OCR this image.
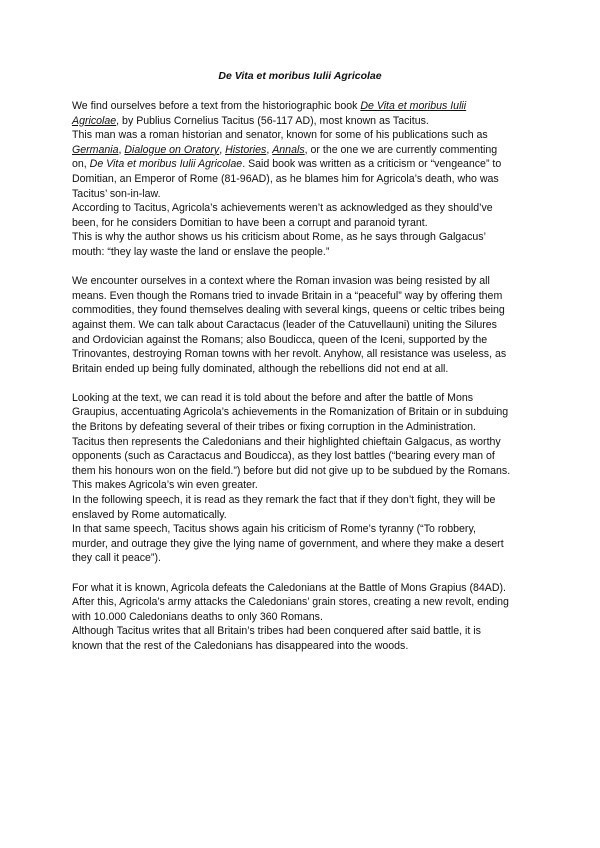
De Vita et moribus Iulii Agricolae

We find ourselves before a text from the historiographic book De Vita et moribus Iulii Agricolae, by Publius Cornelius Tacitus (56-117 AD), most known as Tacitus.

This man was a roman historian and senator, known for some of his publications such as Germania, Dialogue on Oratory, Histories, Annals, or the one we are currently commenting on, De Vita et moribus Iulii Agricolae. Said book was written as a criticism or “vengeance” to Domitian, an Emperor of Rome (81-96AD), as he blames him for Agricola’s death, who was Tacitus’ son-in-law.

According to Tacitus, Agricola’s achievements weren’t as acknowledged as they should’ve been, for he considers Domitian to have been a corrupt and paranoid tyrant.

This is why the author shows us his criticism about Rome, as he says through Galgacus’ mouth: “they lay waste the land or enslave the people.”

We encounter ourselves in a context where the Roman invasion was being resisted by all means. Even though the Romans tried to invade Britain in a “peaceful” way by offering them commodities, they found themselves dealing with several kings, queens or celtic tribes being against them. We can talk about Caractacus (leader of the Catuvellauni) uniting the Silures and Ordovician against the Romans; also Boudicca, queen of the Iceni, supported by the Trinovantes, destroying Roman towns with her revolt. Anyhow, all resistance was useless, as Britain ended up being fully dominated, although the rebellions did not end at all.

Looking at the text, we can read it is told about the before and after the battle of Mons Graupius, accentuating Agricola’s achievements in the Romanization of Britain or in subduing the Britons by defeating several of their tribes or fixing corruption in the Administration.

Tacitus then represents the Caledonians and their highlighted chieftain Galgacus, as worthy opponents (such as Caractacus and Boudicca), as they lost battles (“bearing every man of them his honours won on the field.”) before but did not give up to be subdued by the Romans. This makes Agricola’s win even greater.

In the following speech, it is read as they remark the fact that if they don’t fight, they will be enslaved by Rome automatically.

In that same speech, Tacitus shows again his criticism of Rome’s tyranny (“To robbery, murder, and outrage they give the lying name of government, and where they make a desert they call it peace”).

For what it is known, Agricola defeats the Caledonians at the Battle of Mons Grapius (84AD).

After this, Agricola’s army attacks the Caledonians’ grain stores, creating a new revolt, ending with 10.000 Caledonians deaths to only 360 Romans.

Although Tacitus writes that all Britain’s tribes had been conquered after said battle, it is known that the rest of the Caledonians has disappeared into the woods.
